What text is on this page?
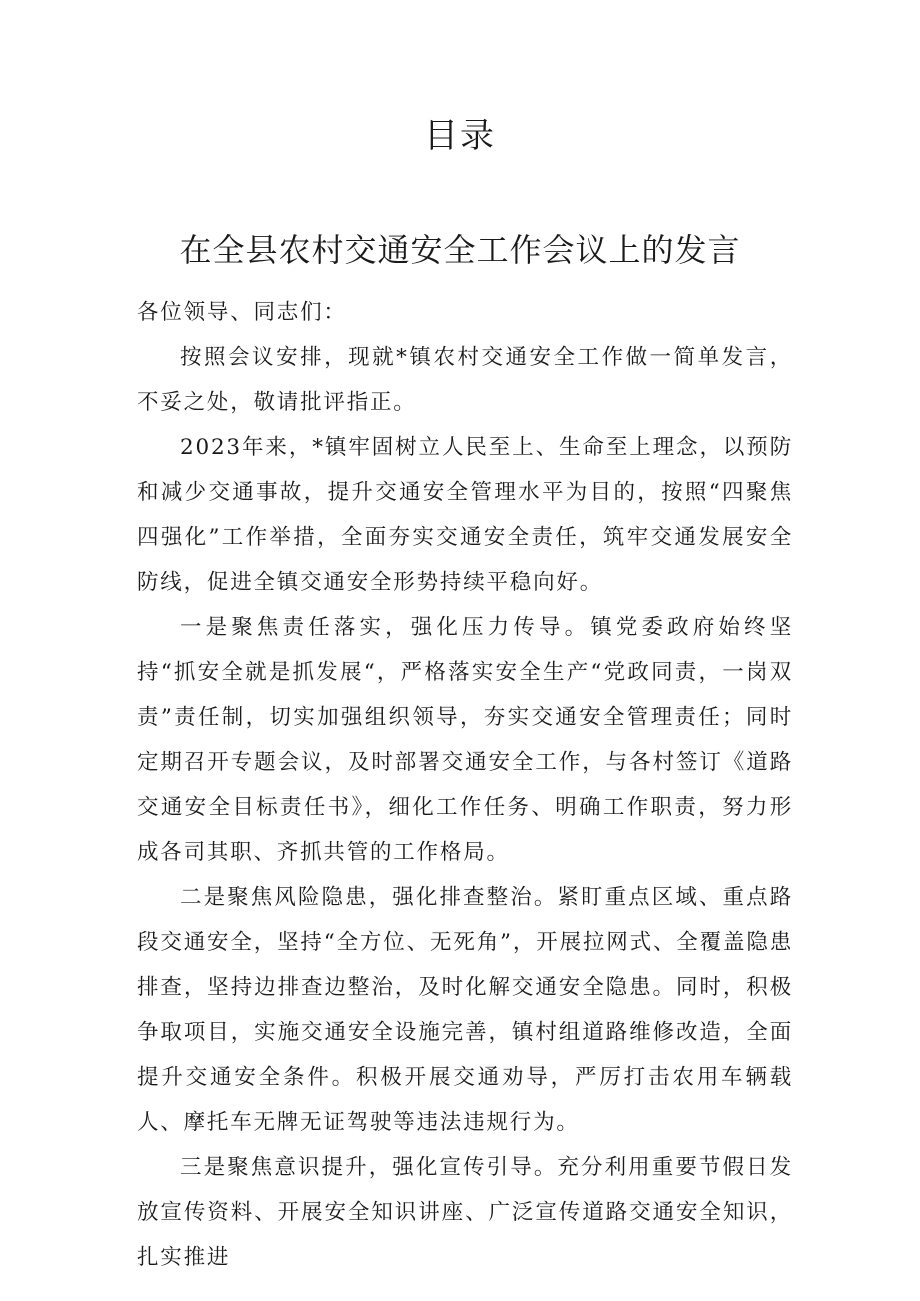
目录
在全县农村交通安全工作会议上的发言

各位领导、同志们：

按照会议安排，现就*镇农村交通安全工作做一简单发言，不妥之处，敬请批评指正。

2023年来，*镇牢固树立人民至上、生命至上理念，以预防和减少交通事故，提升交通安全管理水平为目的，按照“四聚焦四强化”工作举措，全面夯实交通安全责任，筑牢交通发展安全防线，促进全镇交通安全形势持续平稳向好。

一是聚焦责任落实，强化压力传导。镇党委政府始终坚持“抓安全就是抓发展“，严格落实安全生产“党政同责，一岗双责”责任制，切实加强组织领导，夯实交通安全管理责任；同时定期召开专题会议，及时部署交通安全工作，与各村签订《道路交通安全目标责任书》，细化工作任务、明确工作职责，努力形成各司其职、齐抓共管的工作格局。

二是聚焦风险隐患，强化排查整治。紧盯重点区域、重点路段交通安全，坚持“全方位、无死角”，开展拉网式、全覆盖隐患排查，坚持边排查边整治，及时化解交通安全隐患。同时，积极争取项目，实施交通安全设施完善，镇村组道路维修改造，全面提升交通安全条件。积极开展交通劝导，严厉打击农用车辆载人、摩托车无牌无证驾驶等违法违规行为。

三是聚焦意识提升，强化宣传引导。充分利用重要节假日发放宣传资料、开展安全知识讲座、广泛宣传道路交通安全知识，扎实推进
